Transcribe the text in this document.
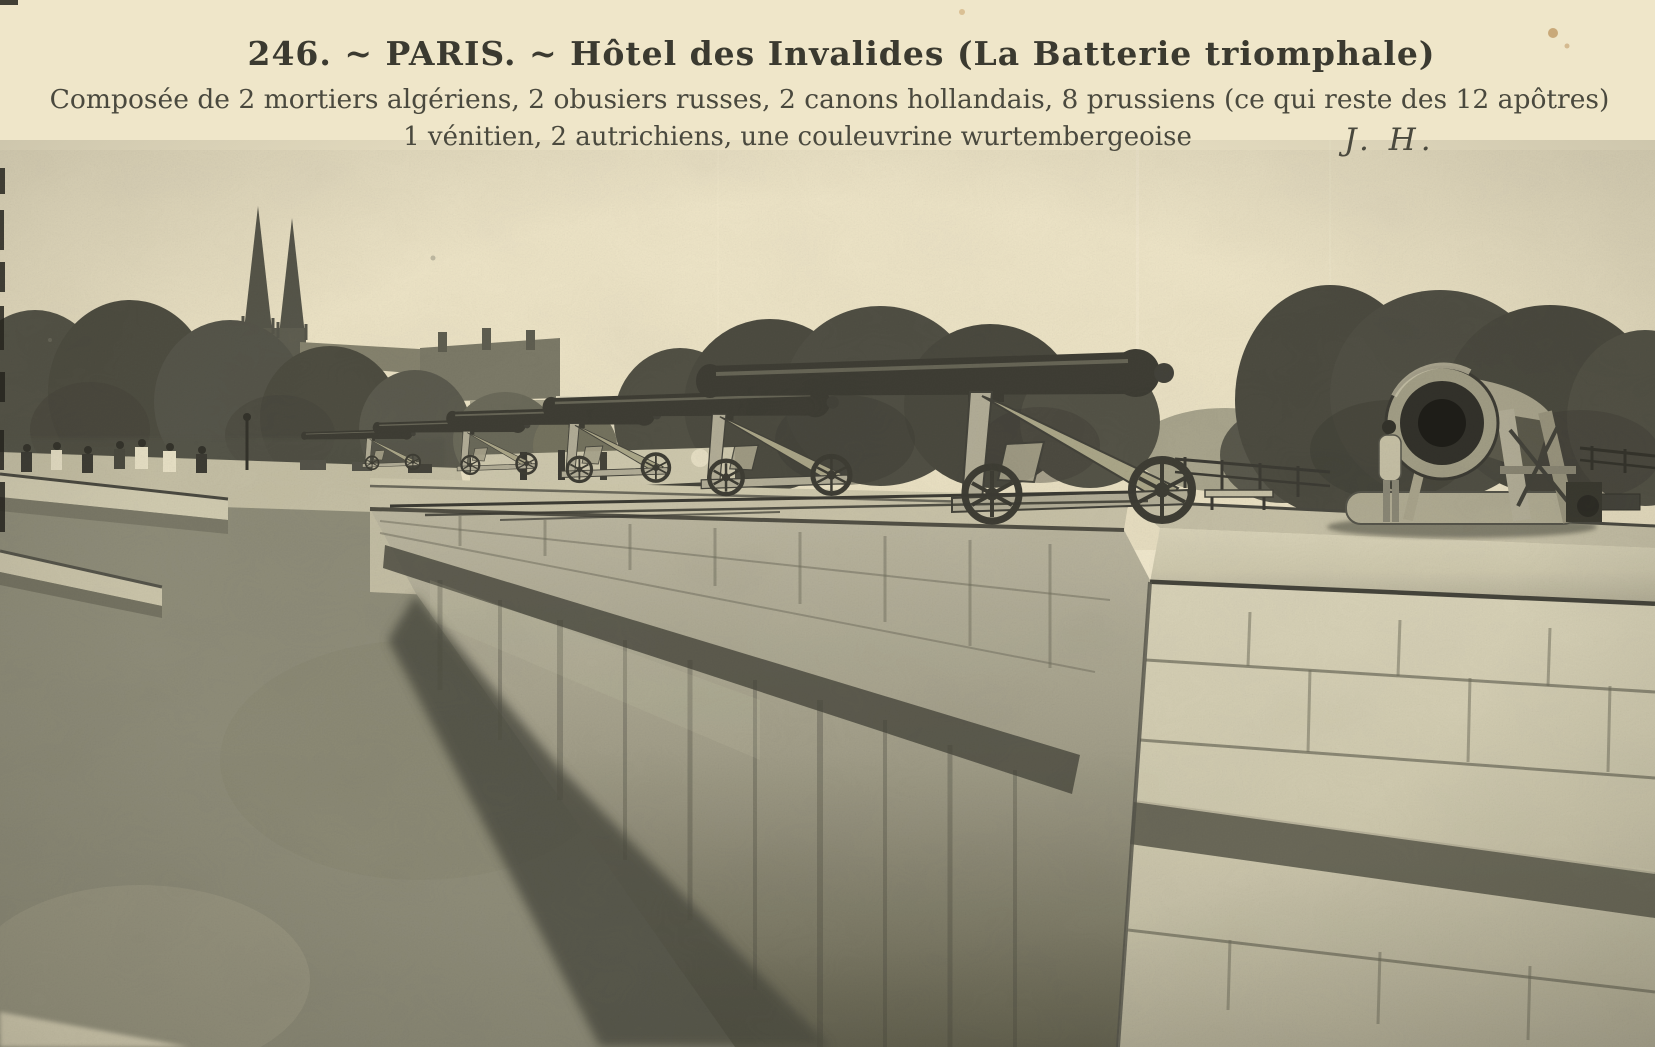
246. ~ PARIS. ~ Hôtel des Invalides (La Batterie triomphale)
Composée de 2 mortiers algériens, 2 obusiers russes, 2 canons hollandais, 8 prussiens (ce qui reste des 12 apôtres)
1 vénitien, 2 autrichiens, une couleuvrine wurtembergeoise	J. H.
